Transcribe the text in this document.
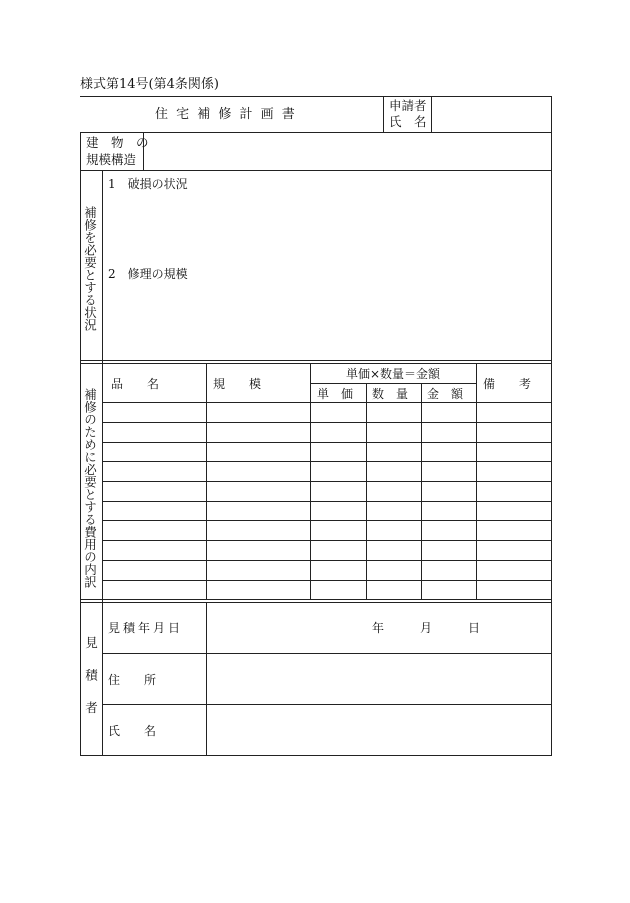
様式第14号(第4条関係)
住 宅 補 修 計 画 書
申請者
氏　名
建　物　の
規模構造
補修を必要とする状況
1　破損の状況
2　修理の規模
補修のために必要とする費用の内訳
品　　名	規　　模
単価×数量＝金額
単　価 数　量 金　額
備　　考
見積者
見積年月日	年　　　月　　　日
住　　所
氏　　名
